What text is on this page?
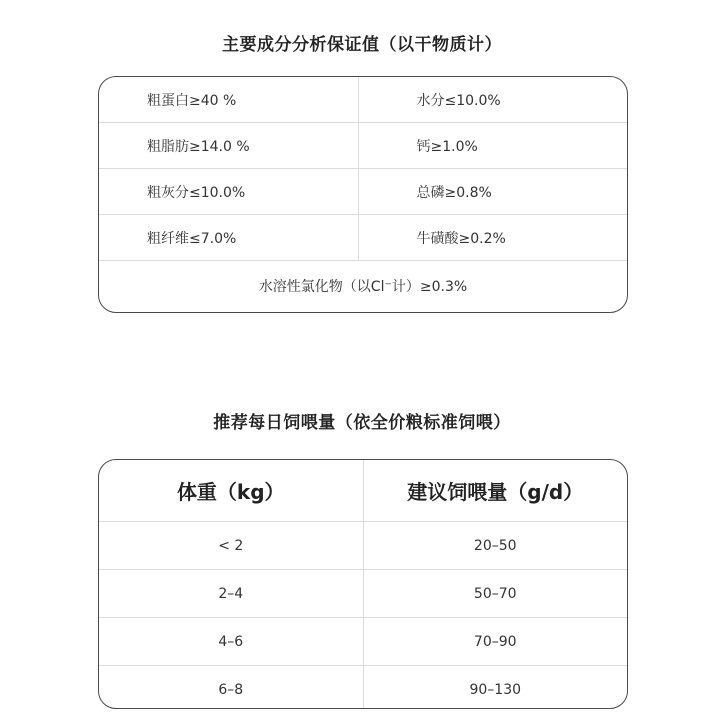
主要成分分析保证值（以干物质计）
粗蛋白≥40 %	水分≤10.0%
粗脂肪≥14.0 %	钙≥1.0%
粗灰分≤10.0%	总磷≥0.8%
粗纤维≤7.0%	牛磺酸≥0.2%
水溶性氯化物（以Cl⁻计）≥0.3%
推荐每日饲喂量（依全价粮标准饲喂）
体重（kg）	建议饲喂量（g/d）
< 2	20–50
2–4	50–70
4–6	70–90
6–8	90–130
